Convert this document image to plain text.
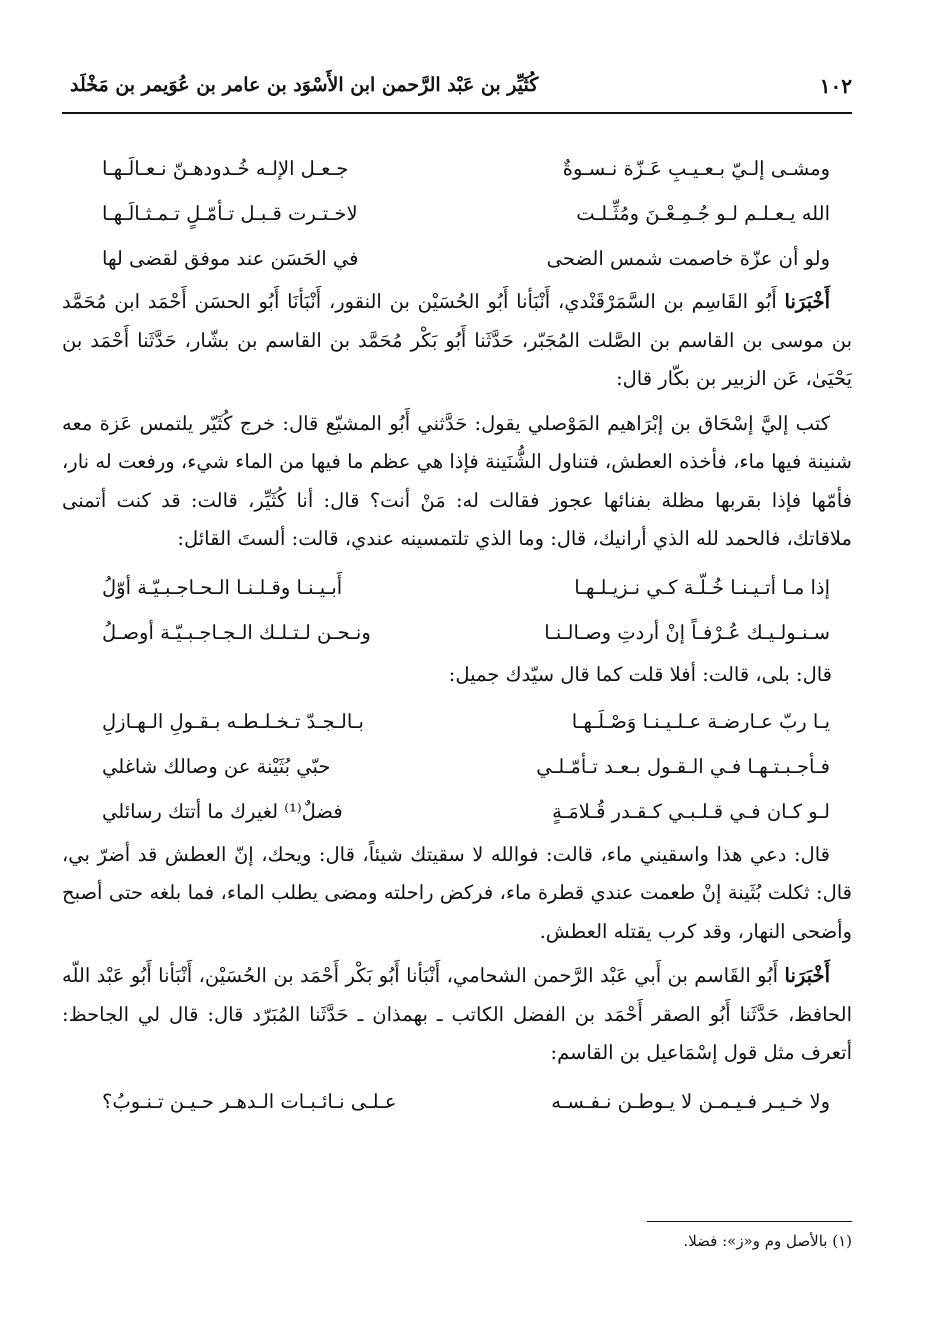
١٠٢
كُثَيِّر بن عَبْد الرَّحمن ابن الأَسْوَد بن عامر بن عُوَيمر بن مَخْلَد
ومشـى إلـيّ بـعـيـبِ عَـزّة نـسـوةٌ
جـعـل الإلـه خُـدودهـنّ نـعـالَـهـا
الله يـعـلـم لـو جُـمِـعْـنَ ومُثِّـلـت
لاخـتـرت قـبـل تـأمّـلٍ تـمـثـالَـهـا
ولو أن عزّة خاصمت شمس الضحى
في الحَسَن عند موفق لقضى لها

أَخْبَرَنا أَبُو القَاسِم بن السَّمَرْقَنْدي، أَنْبَأنا أَبُو الحُسَيْن بن النقور، أَنْبَأنَا أَبُو الحسَن أَحْمَد ابن مُحَمَّد بن موسى بن القاسم بن الصَّلت المُجَبّر، حَدَّثَنا أَبُو بَكْر مُحَمَّد بن القاسم بن بشّار، حَدَّثَنا أَحْمَد بن يَحْيَىٰ، عَن الزبير بن بكّار قال:

كتب إليَّ إسْحَاق بن إبْرَاهيم المَوْصلي يقول: حَدَّثني أَبُو المشيّع قال: خرج كُثَيّر يلتمس عَزة معه شنينة فيها ماء، فأخذه العطش، فتناول الشُّنَينة فإذا هي عظم ما فيها من الماء شيء، ورفعت له نار، فأمّها فإذا بقربها مظلة بفنائها عجوز فقالت له: مَنْ أنت؟ قال: أنا كُثَيِّر، قالت: قد كنت أتمنى ملاقاتك، فالحمد لله الذي أرانيك، قال: وما الذي تلتمسينه عندي، قالت: ألستَ القائل:

إذا مـا أتـيـنـا خُـلّـة كـي نـزيـلـهـا
أَبـيـنـا وقـلـنـا الـحـاجـبـيّـة أوّلُ
سـنـولـيـك عُـرْفـاً إنْ أردتِ وصـالـنـا
ونـحـن لـتـلـك الـجـاجـبـيّـة أوصـلُ

قال: بلى، قالت: أفلا قلت كما قال سيّدك جميل:

يـا ربّ عـارضـة عـلـيـنـا وَصْـلَـهـا
بـالـجـدّ تـخـلـطـه بـقـولِ الـهـازلِ
فـأجـبـتـهـا فـي الـقـول بـعـد تـأمّـلـي
حبّي بُثَيْنة عن وصالك شاغلي
لـو كـان فـي قـلـبـي كـقـدر قُـلامَـةٍ
فضلٌ⁽¹⁾ لغيرك ما أتتك رسائلي

قال: دعي هذا واسقيني ماء، قالت: فوالله لا سقيتك شيئاً، قال: ويحك، إنّ العطش قد أضرّ بي، قال: ثكلت بُثَينة إنْ طعمت عندي قطرة ماء، فركض راحلته ومضى يطلب الماء، فما بلغه حتى أصبح وأضحى النهار، وقد كرب يقتله العطش.

أَخْبَرَنا أَبُو القَاسم بن أَبي عَبْد الرَّحمن الشحامي، أَنْبَأنا أَبُو بَكْر أَحْمَد بن الحُسَيْن، أَنْبَأنا أَبُو عَبْد اللّه الحافظ، حَدَّثَنا أَبُو الصقر أَحْمَد بن الفضل الكاتب ـ بهمذان ـ حَدَّثَنا المُبَرّد قال: قال لي الجاحظ: أتعرف مثل قول إسْمَاعيل بن القاسم:

ولا خـيـر فـيـمـن لا يـوطـن نـفـسـه
عـلـى نـائـبـات الـدهـر حـيـن تـنـوبُ؟
(١) بالأصل وم و«ز»: فضلا.
